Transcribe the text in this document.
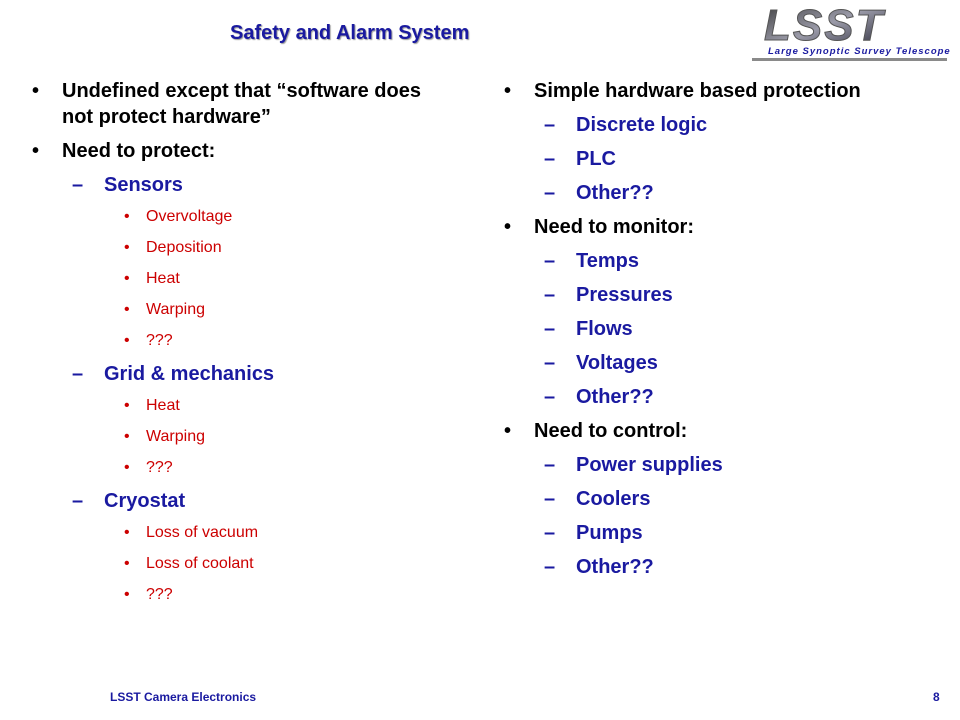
Safety and Alarm System	LSST
Large Synoptic Survey Telescope
• Undefined except that “software does not protect hardware”
• Need to protect:
– Sensors
• Overvoltage
• Deposition
• Heat
• Warping
• ???
– Grid & mechanics
• Heat
• Warping
• ???
– Cryostat
• Loss of vacuum
• Loss of coolant
• ???
• Simple hardware based protection
– Discrete logic
– PLC
– Other??
• Need to monitor:
– Temps
– Pressures
– Flows
– Voltages
– Other??
• Need to control:
– Power supplies
– Coolers
– Pumps
– Other??
LSST Camera Electronics	8
